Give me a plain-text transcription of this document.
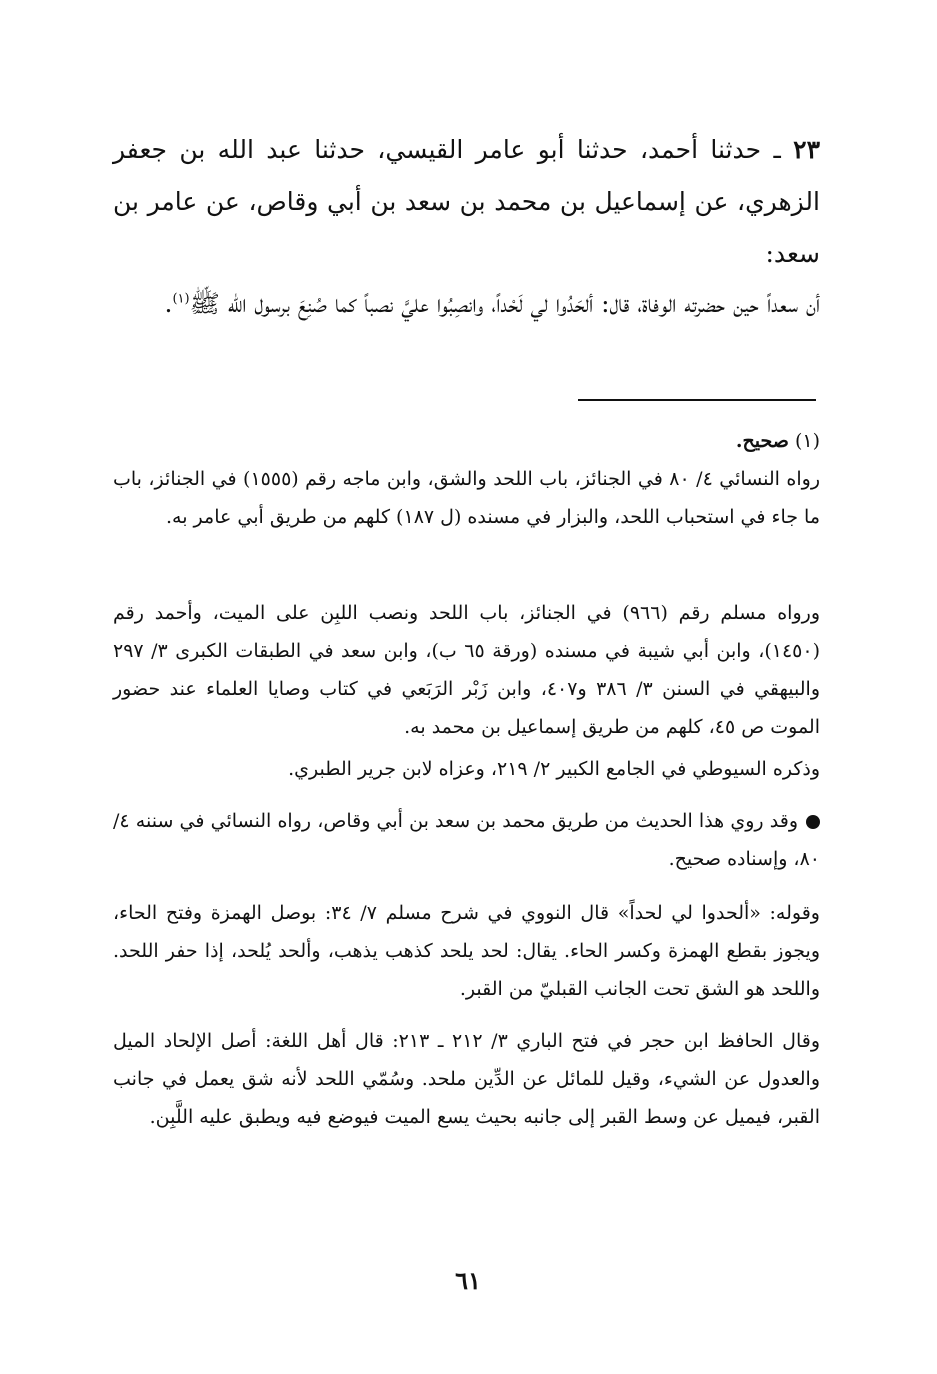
٢٣ ـ حدثنا أحمد، حدثنا أبو عامر القيسي، حدثنا عبد الله بن جعفر الزهري، عن إسماعيل بن محمد بن سعد بن أبي وقاص، عن عامر بن سعد:

أن سعداً حين حضرته الوفاة، قال: ألحَدُوا لي لَحْداً، وانصِبُوا عليَّ نصباً كما صُنِعَ برسول الله ﷺ$^{(١)}$.

(١) صحيح.

رواه النسائي ٤/ ٨٠ في الجنائز، باب اللحد والشق، وابن ماجه رقم (١٥٥٥) في الجنائز، باب ما جاء في استحباب اللحد، والبزار في مسنده (ل ١٨٧) كلهم من طريق أبي عامر به.

ورواه مسلم رقم (٩٦٦) في الجنائز، باب اللحد ونصب اللبِن على الميت، وأحمد رقم (١٤٥٠)، وابن أبي شيبة في مسنده (ورقة ٦٥ ب)، وابن سعد في الطبقات الكبرى ٣/ ٢٩٧ والبيهقي في السنن ٣/ ٣٨٦ و٤٠٧، وابن زَبْر الرَبَعي في كتاب وصايا العلماء عند حضور الموت ص ٤٥، كلهم من طريق إسماعيل بن محمد به.

وذكره السيوطي في الجامع الكبير ٢/ ٢١٩، وعزاه لابن جرير الطبري.

وقد روي هذا الحديث من طريق محمد بن سعد بن أبي وقاص، رواه النسائي في سننه ٤/ ٨٠، وإسناده صحيح.

وقوله: «ألحدوا لي لحداً» قال النووي في شرح مسلم ٧/ ٣٤: بوصل الهمزة وفتح الحاء، ويجوز بقطع الهمزة وكسر الحاء. يقال: لحد يلحد كذهب يذهب، وألحد يُلحد، إذا حفر اللحد. واللحد هو الشق تحت الجانب القبليّ من القبر.

وقال الحافظ ابن حجر في فتح الباري ٣/ ٢١٢ ـ ٢١٣: قال أهل اللغة: أصل الإلحاد الميل والعدول عن الشيء، وقيل للمائل عن الدِّين ملحد. وسُمّي اللحد لأنه شق يعمل في جانب القبر، فيميل عن وسط القبر إلى جانبه بحيث يسع الميت فيوضع فيه ويطبق عليه اللَّبِن.

٦١
